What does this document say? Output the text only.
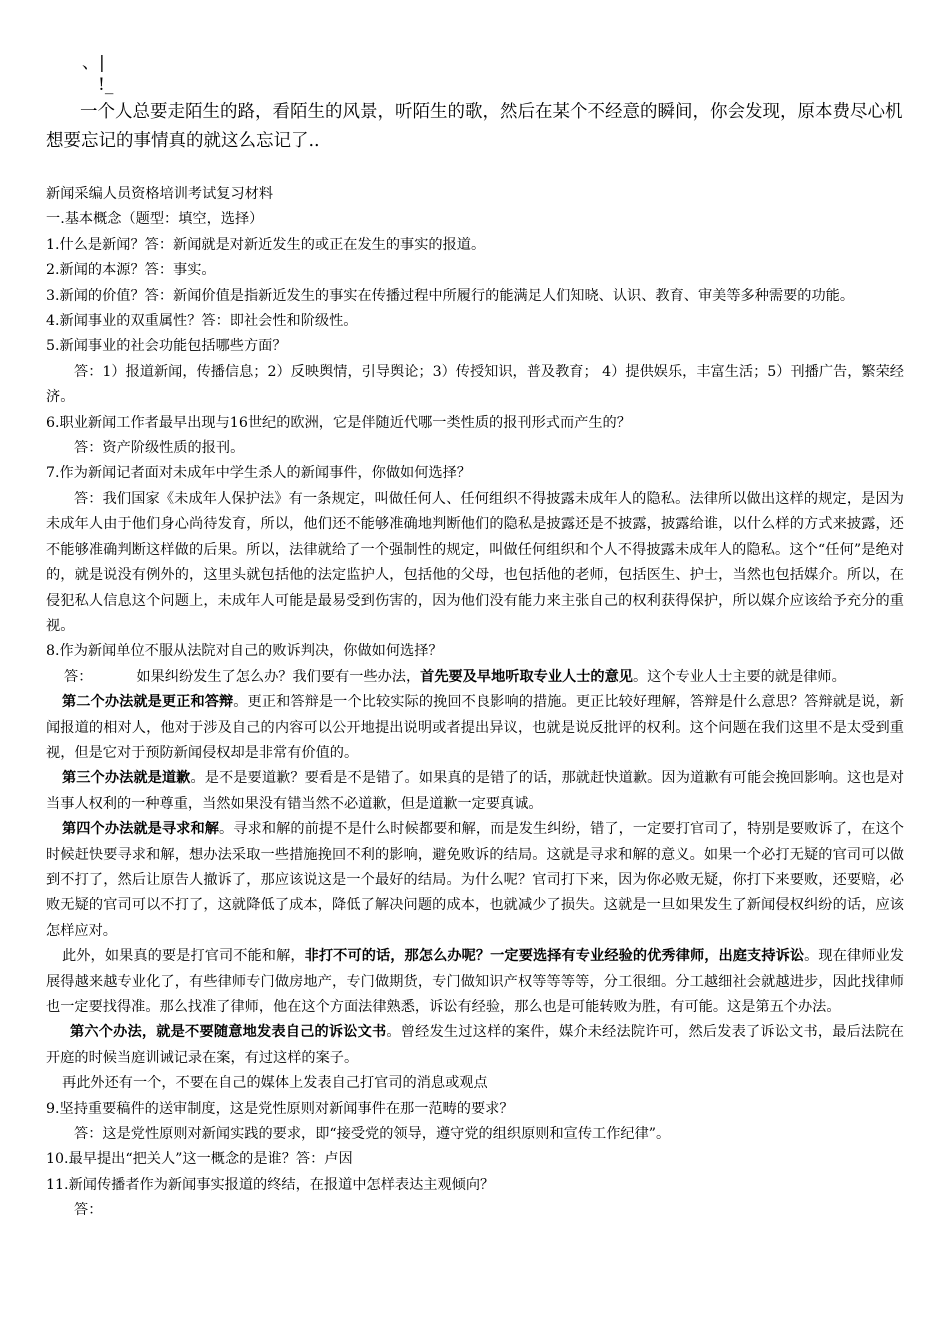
、|
!_

一个人总要走陌生的路，看陌生的风景，听陌生的歌，然后在某个不经意的瞬间，你会发现，原本费尽心机想要忘记的事情真的就这么忘记了..

新闻采编人员资格培训考试复习材料

一.基本概念（题型：填空，选择）

1.什么是新闻？答：新闻就是对新近发生的或正在发生的事实的报道。

2.新闻的本源？答：事实。

3.新闻的价值？答：新闻价值是指新近发生的事实在传播过程中所履行的能满足人们知晓、认识、教育、审美等多种需要的功能。

4.新闻事业的双重属性？答：即社会性和阶级性。

5.新闻事业的社会功能包括哪些方面？

答：1）报道新闻，传播信息；2）反映舆情，引导舆论；3）传授知识，普及教育； 4）提供娱乐，丰富生活；5）刊播广告，繁荣经济。

6.职业新闻工作者最早出现与16世纪的欧洲，它是伴随近代哪一类性质的报刊形式而产生的？

答：资产阶级性质的报刊。

7.作为新闻记者面对未成年中学生杀人的新闻事件，你做如何选择？

答：我们国家《未成年人保护法》有一条规定，叫做任何人、任何组织不得披露未成年人的隐私。法律所以做出这样的规定，是因为未成年人由于他们身心尚待发育，所以，他们还不能够准确地判断他们的隐私是披露还是不披露，披露给谁，以什么样的方式来披露，还不能够准确判断这样做的后果。所以，法律就给了一个强制性的规定，叫做任何组织和个人不得披露未成年人的隐私。这个“任何”是绝对的，就是说没有例外的，这里头就包括他的法定监护人，包括他的父母，也包括他的老师，包括医生、护士，当然也包括媒介。所以，在侵犯私人信息这个问题上，未成年人可能是最易受到伤害的，因为他们没有能力来主张自己的权利获得保护，所以媒介应该给予充分的重视。

8.作为新闻单位不服从法院对自己的败诉判决，你做如何选择？

答：	如果纠纷发生了怎么办？我们要有一些办法，首先要及早地听取专业人士的意见。这个专业人士主要的就是律师。

第二个办法就是更正和答辩。更正和答辩是一个比较实际的挽回不良影响的措施。更正比较好理解，答辩是什么意思？答辩就是说，新闻报道的相对人，他对于涉及自己的内容可以公开地提出说明或者提出异议，也就是说反批评的权利。这个问题在我们这里不是太受到重视，但是它对于预防新闻侵权却是非常有价值的。

第三个办法就是道歉。是不是要道歉？要看是不是错了。如果真的是错了的话，那就赶快道歉。因为道歉有可能会挽回影响。这也是对当事人权利的一种尊重，当然如果没有错当然不必道歉，但是道歉一定要真诚。

第四个办法就是寻求和解。寻求和解的前提不是什么时候都要和解，而是发生纠纷，错了，一定要打官司了，特别是要败诉了，在这个时候赶快要寻求和解，想办法采取一些措施挽回不利的影响，避免败诉的结局。这就是寻求和解的意义。如果一个必打无疑的官司可以做到不打了，然后让原告人撤诉了，那应该说这是一个最好的结局。为什么呢？官司打下来，因为你必败无疑，你打下来要败，还要赔，必败无疑的官司可以不打了，这就降低了成本，降低了解决问题的成本，也就减少了损失。这就是一旦如果发生了新闻侵权纠纷的话，应该怎样应对。

此外，如果真的要是打官司不能和解，非打不可的话，那怎么办呢？一定要选择有专业经验的优秀律师，出庭支持诉讼。现在律师业发展得越来越专业化了，有些律师专门做房地产，专门做期货，专门做知识产权等等等等，分工很细。分工越细社会就越进步，因此找律师也一定要找得准。那么找准了律师，他在这个方面法律熟悉，诉讼有经验，那么也是可能转败为胜，有可能。这是第五个办法。

第六个办法，就是不要随意地发表自己的诉讼文书。曾经发生过这样的案件，媒介未经法院许可，然后发表了诉讼文书，最后法院在开庭的时候当庭训诫记录在案，有过这样的案子。

再此外还有一个，不要在自己的媒体上发表自己打官司的消息或观点

9.坚持重要稿件的送审制度，这是党性原则对新闻事件在那一范畴的要求？

答：这是党性原则对新闻实践的要求，即“接受党的领导，遵守党的组织原则和宣传工作纪律”。

10.最早提出“把关人”这一概念的是谁？答：卢因

11.新闻传播者作为新闻事实报道的终结，在报道中怎样表达主观倾向？

答：
